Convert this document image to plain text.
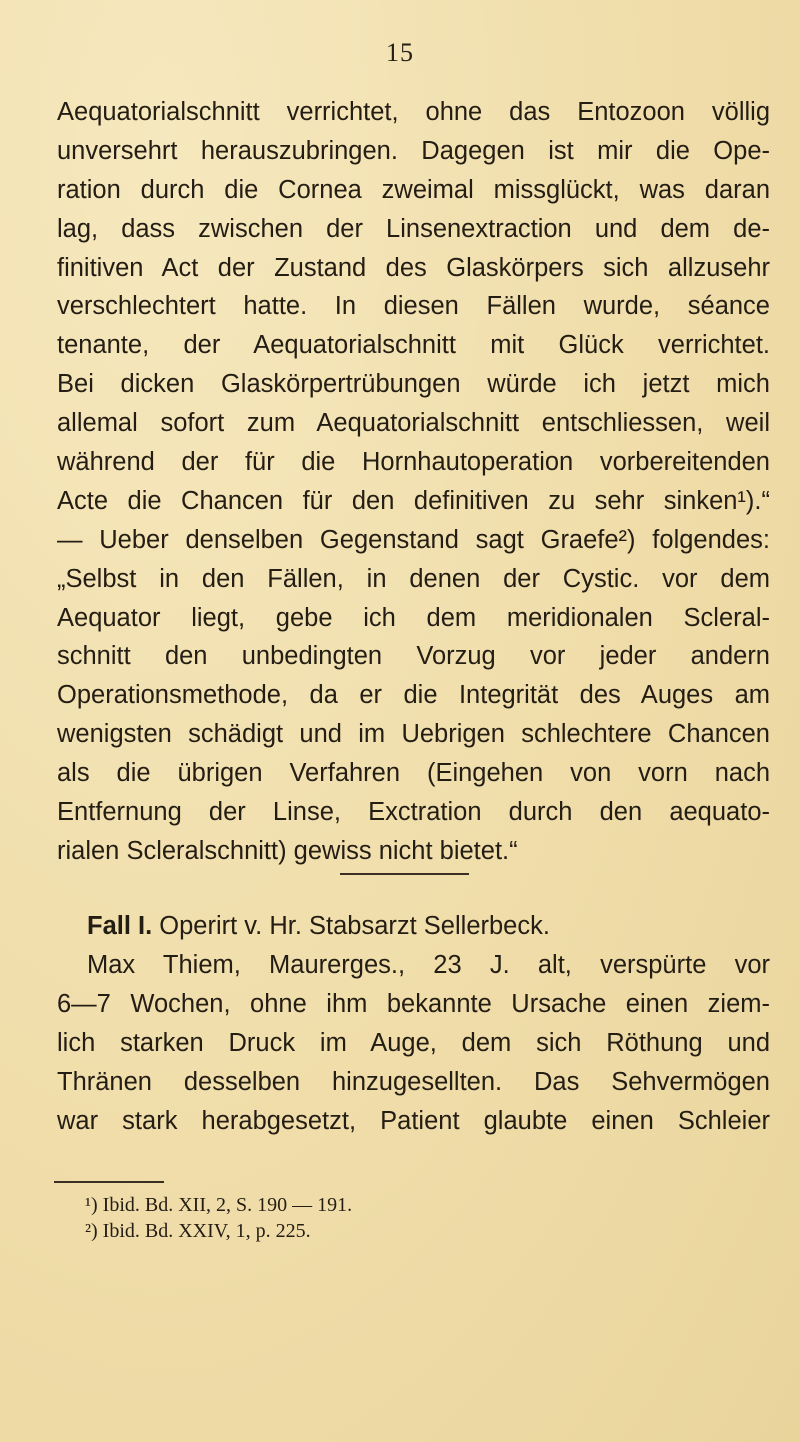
15
Aequatorialschnitt verrichtet, ohne das Entozoon völlig
unversehrt herauszubringen. Dagegen ist mir die Ope-
ration durch die Cornea zweimal missglückt, was daran
lag, dass zwischen der Linsenextraction und dem de-
finitiven Act der Zustand des Glaskörpers sich allzusehr
verschlechtert hatte. In diesen Fällen wurde, séance
tenante, der Aequatorialschnitt mit Glück verrichtet.
Bei dicken Glaskörpertrübungen würde ich jetzt mich
allemal sofort zum Aequatorialschnitt entschliessen, weil
während der für die Hornhautoperation vorbereitenden
Acte die Chancen für den definitiven zu sehr sinken¹).“
— Ueber denselben Gegenstand sagt Graefe²) folgendes:
„Selbst in den Fällen, in denen der Cystic. vor dem
Aequator liegt, gebe ich dem meridionalen Scleral-
schnitt den unbedingten Vorzug vor jeder andern
Operationsmethode, da er die Integrität des Auges am
wenigsten schädigt und im Uebrigen schlechtere Chancen
als die übrigen Verfahren (Eingehen von vorn nach
Entfernung der Linse, Exctration durch den aequato-
rialen Scleralschnitt) gewiss nicht bietet.“
Fall I. Operirt v. Hr. Stabsarzt Sellerbeck.
Max Thiem, Maurerges., 23 J. alt, verspürte vor
6—7 Wochen, ohne ihm bekannte Ursache einen ziem-
lich starken Druck im Auge, dem sich Röthung und
Thränen desselben hinzugesellten. Das Sehvermögen
war stark herabgesetzt, Patient glaubte einen Schleier
¹) Ibid. Bd. XII, 2, S. 190 — 191.
²) Ibid. Bd. XXIV, 1, p. 225.
